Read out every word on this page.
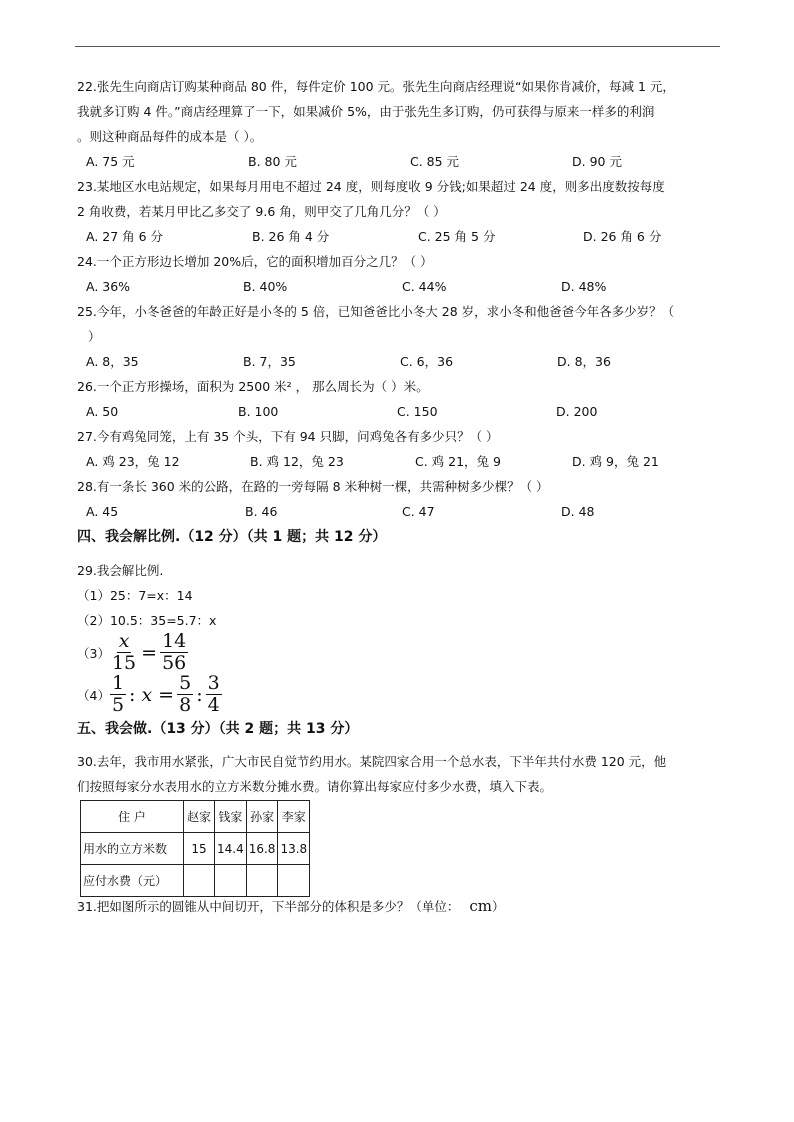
22.张先生向商店订购某种商品 80 件，每件定价 100 元。张先生向商店经理说“如果你肯减价，每减 1 元，
我就多订购 4 件。”商店经理算了一下，如果减价 5%，由于张先生多订购，仍可获得与原来一样多的利润
。则这种商品每件的成本是（ ）。
A. 75 元	B. 80 元	C. 85 元	D. 90 元
23.某地区水电站规定，如果每月用电不超过 24 度，则每度收 9 分钱;如果超过 24 度，则多出度数按每度
2 角收费，若某月甲比乙多交了 9.6 角，则甲交了几角几分？（ ）
A. 27 角 6 分	B. 26 角 4 分	C. 25 角 5 分	D. 26 角 6 分
24.一个正方形边长增加 20%后，它的面积增加百分之几？（ ）
A. 36%	B. 40%	C. 44%	D. 48%
25.今年，小冬爸爸的年龄正好是小冬的 5 倍，已知爸爸比小冬大 28 岁，求小冬和他爸爸今年各多少岁？（
）
A. 8，35	B. 7，35	C. 6，36	D. 8，36
26.一个正方形操场，面积为 2500 米² ， 那么周长为（ ）米。
A. 50	B. 100	C. 150	D. 200
27.今有鸡兔同笼，上有 35 个头，下有 94 只脚，问鸡兔各有多少只？（ ）
A. 鸡 23，兔 12	B. 鸡 12，兔 23	C. 鸡 21，兔 9	D. 鸡 9，兔 21
28.有一条长 360 米的公路，在路的一旁每隔 8 米种树一棵，共需种树多少棵？（ ）
A. 45	B. 46	C. 47	D. 48
四、我会解比例.（12 分）（共 1 题；共 12 分）
29.我会解比例.
（1）25：7=x：14
（2）10.5：35=5.7：x
$(3) \frac{x}{15} = \frac{14}{56}$
$(4) \frac{1}{5}$ : $x = \frac{5}{8}$ : $\frac{3}{4}$
五、我会做.（13 分）（共 2 题；共 13 分）
30.去年，我市用水紧张，广大市民自觉节约用水。某院四家合用一个总水表，下半年共付水费 120 元，他
们按照每家分水表用水的立方米数分摊水费。请你算出每家应付多少水费，填入下表。
住 户	赵家	钱家	孙家	李家
用水的立方米数	15	14.4	16.8	13.8
应付水费（元）				
31.把如图所示的圆锥从中间切开，下半部分的体积是多少？（单位： cm）
